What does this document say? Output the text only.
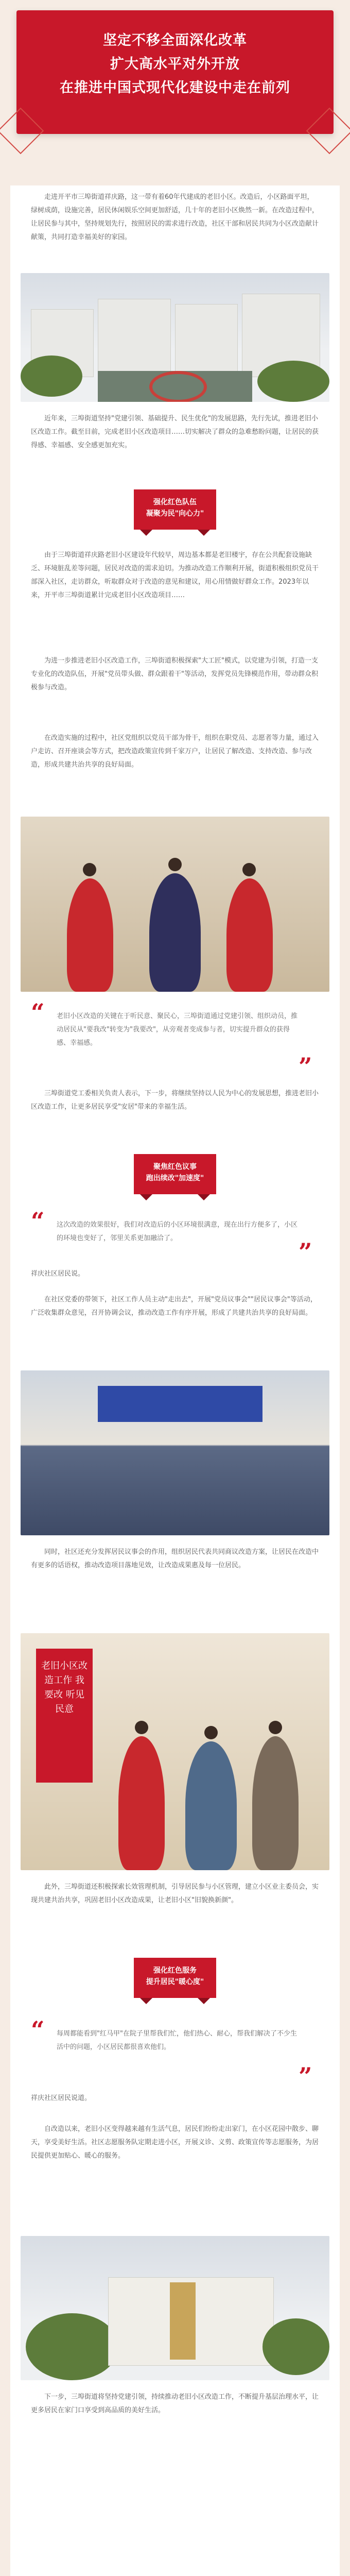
坚定不移全面深化改革
扩大高水平对外开放
在推进中国式现代化建设中走在前列

走进开平市三埠街道祥庆路，这一带有着60年代建成的老旧小区。改造后，小区路面平坦，绿树成荫，设施完善，居民休闲娱乐空间更加舒适，几十年的老旧小区焕然一新。在改造过程中，让居民参与其中，坚持规划先行，按照居民的需求进行改造，社区干部和居民共同为小区改造献计献策，共同打造幸福美好的家园。

近年来，三埠街道坚持"党建引领、基础提升、民生优化"的发展思路，先行先试，推进老旧小区改造工作。截至目前，完成老旧小区改造项目……切实解决了群众的急难愁盼问题，让居民的获得感、幸福感、安全感更加充实。

强化红色队伍
凝聚为民"向心力"

由于三埠街道祥庆路老旧小区建设年代较早，周边基本都是老旧楼宇，存在公共配套设施缺乏、环境脏乱差等问题，居民对改造的需求迫切。为推动改造工作顺利开展，街道积极组织党员干部深入社区，走访群众，听取群众对于改造的意见和建议，用心用情做好群众工作。2023年以来，开平市三埠街道累计完成老旧小区改造项目……

为进一步推进老旧小区改造工作，三埠街道积极探索"大工匠"模式，以党建为引领，打造一支专业化的改造队伍，开展"党员带头做、群众跟着干"等活动，发挥党员先锋模范作用，带动群众积极参与改造。

在改造实施的过程中，社区党组织以党员干部为骨干，组织在职党员、志愿者等力量，通过入户走访、召开座谈会等方式，把改造政策宣传到千家万户，让居民了解改造、支持改造、参与改造，形成共建共治共享的良好局面。

“ 老旧小区改造的关键在于听民意、聚民心，三埠街道通过党建引领、组织动员，推动居民从"要我改"转变为"我要改"，从旁观者变成参与者，切实提升群众的获得感、幸福感。

”

三埠街道党工委相关负责人表示，下一步，将继续坚持以人民为中心的发展思想，推进老旧小区改造工作，让更多居民享受"安居"带来的幸福生活。

聚焦红色议事
跑出续改"加速度"
“ 这次改造的效果很好，我们对改造后的小区环境很满意，现在出行方便多了，小区的环境也变好了，邻里关系更加融洽了。	”

祥庆社区居民说。

在社区党委的带领下，社区工作人员主动"走出去"，开展"党员议事会""居民议事会"等活动，广泛收集群众意见，召开协调会议，推动改造工作有序开展，形成了共建共治共享的良好局面。

同时，社区还充分发挥居民议事会的作用，组织居民代表共同商议改造方案，让居民在改造中有更多的话语权，推动改造项目落地见效，让改造成果惠及每一位居民。

老旧小区改造工作 我要改 听见民意

此外，三埠街道还积极探索长效管理机制，引导居民参与小区管理，建立小区业主委员会，实现共建共治共享，巩固老旧小区改造成果，让老旧小区"旧貌换新颜"。

强化红色服务
提升居民"暖心度"
“ 每周都能看到"红马甲"在院子里帮我们忙，他们热心、耐心，帮我们解决了不少生活中的问题，小区居民都很喜欢他们。

”

祥庆社区居民说道。

自改造以来，老旧小区变得越来越有生活气息，居民们纷纷走出家门，在小区花园中散步、聊天，享受美好生活。社区志愿服务队定期走进小区，开展义诊、义剪、政策宣传等志愿服务，为居民提供更加贴心、暖心的服务。

下一步，三埠街道将坚持党建引领，持续推动老旧小区改造工作，不断提升基层治理水平，让更多居民在家门口享受到高品质的美好生活。
